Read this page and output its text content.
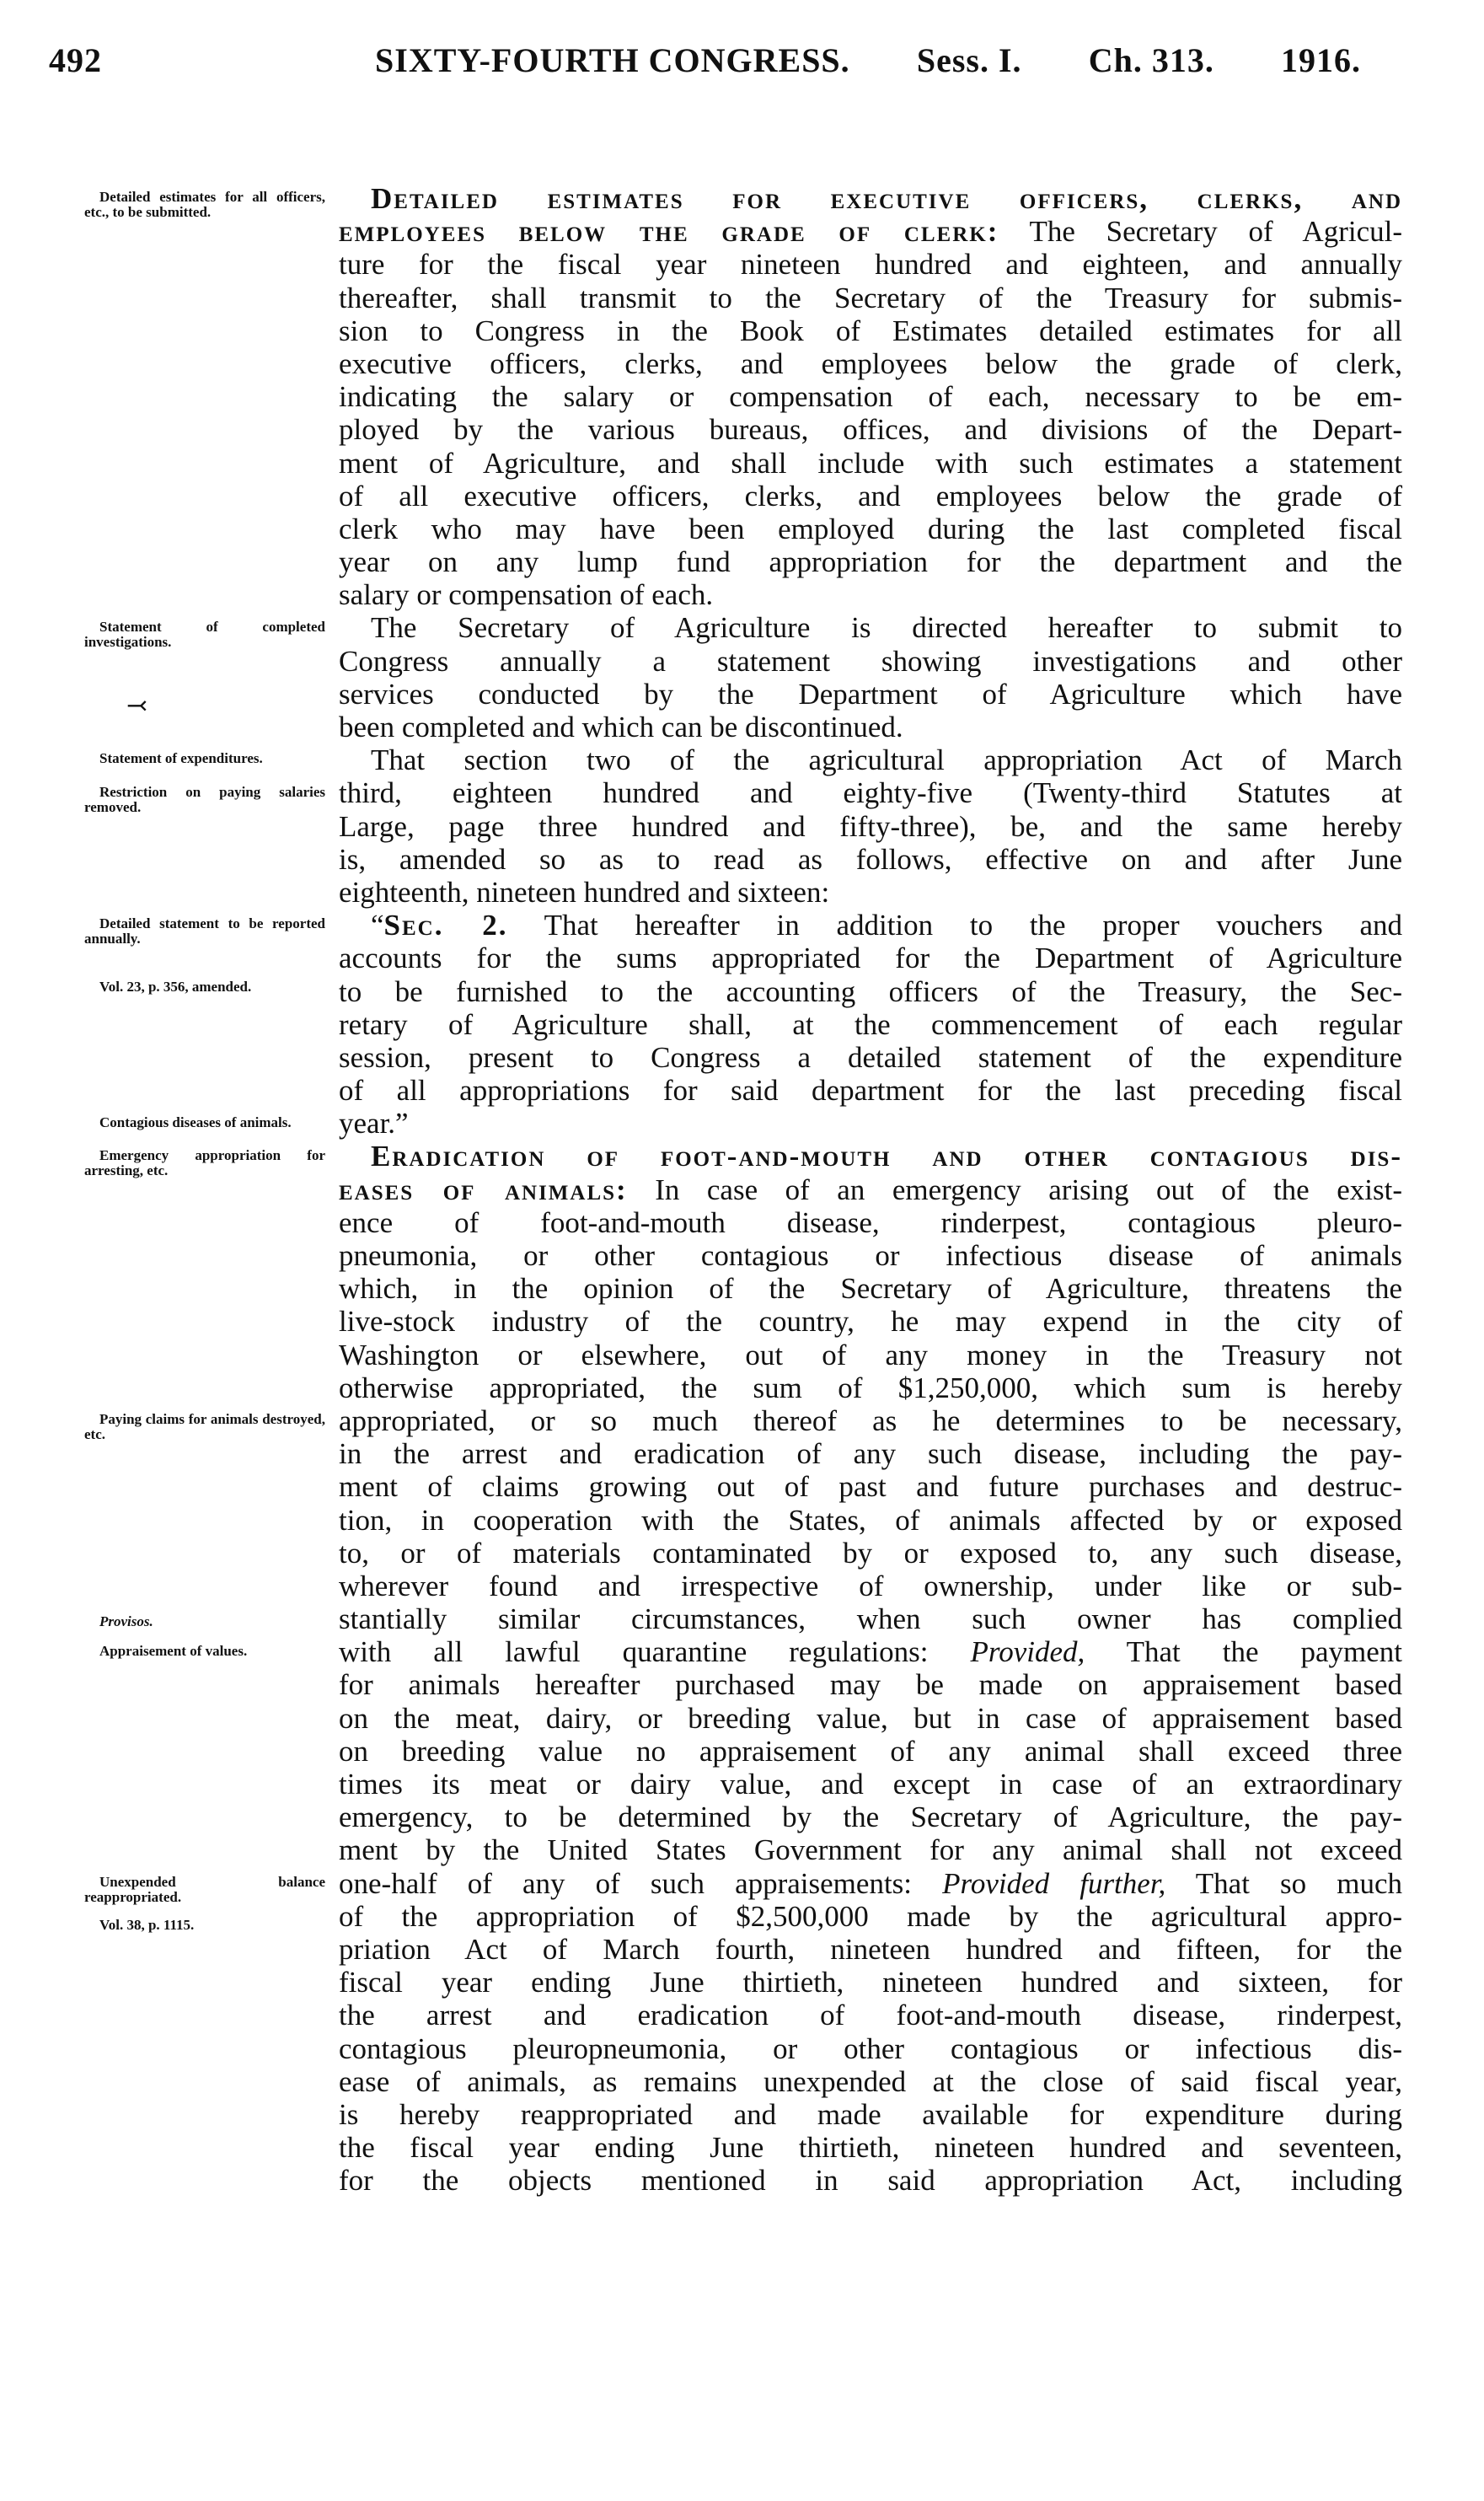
492	SIXTY-FOURTH CONGRESS. Sess. I. Ch. 313. 1916.
Detailed estimates for all officers, etc., to be submitted.
Statement of completed investigations.
Statement of expenditures.
Restriction on paying salaries removed.
Detailed statement to be reported annually.
Vol. 23, p. 356, amended.
Contagious diseases of animals.
Emergency appropriation for arresting, etc.
Paying claims for animals destroyed, etc.
Provisos.
Appraisement of values.
Unexpended balance reappropriated.
Vol. 38, p. 1115.
⤙
Detailed estimates for executive officers, clerks, and
employees below the grade of clerk: The Secretary of Agricul-
ture for the fiscal year nineteen hundred and eighteen, and annually
thereafter, shall transmit to the Secretary of the Treasury for submis-
sion to Congress in the Book of Estimates detailed estimates for all
executive officers, clerks, and employees below the grade of clerk,
indicating the salary or compensation of each, necessary to be em-
ployed by the various bureaus, offices, and divisions of the Depart-
ment of Agriculture, and shall include with such estimates a statement
of all executive officers, clerks, and employees below the grade of
clerk who may have been employed during the last completed fiscal
year on any lump fund appropriation for the department and the
salary or compensation of each.
The Secretary of Agriculture is directed hereafter to submit to
Congress annually a statement showing investigations and other
services conducted by the Department of Agriculture which have
been completed and which can be discontinued.
That section two of the agricultural appropriation Act of March
third, eighteen hundred and eighty-five (Twenty-third Statutes at
Large, page three hundred and fifty-three), be, and the same hereby
is, amended so as to read as follows, effective on and after June
eighteenth, nineteen hundred and sixteen:
“Sec. 2. That hereafter in addition to the proper vouchers and
accounts for the sums appropriated for the Department of Agriculture
to be furnished to the accounting officers of the Treasury, the Sec-
retary of Agriculture shall, at the commencement of each regular
session, present to Congress a detailed statement of the expenditure
of all appropriations for said department for the last preceding fiscal
year.”
Eradication of foot-and-mouth and other contagious dis-
eases of animals: In case of an emergency arising out of the exist-
ence of foot-and-mouth disease, rinderpest, contagious pleuro-
pneumonia, or other contagious or infectious disease of animals
which, in the opinion of the Secretary of Agriculture, threatens the
live-stock industry of the country, he may expend in the city of
Washington or elsewhere, out of any money in the Treasury not
otherwise appropriated, the sum of $1,250,000, which sum is hereby
appropriated, or so much thereof as he determines to be necessary,
in the arrest and eradication of any such disease, including the pay-
ment of claims growing out of past and future purchases and destruc-
tion, in cooperation with the States, of animals affected by or exposed
to, or of materials contaminated by or exposed to, any such disease,
wherever found and irrespective of ownership, under like or sub-
stantially similar circumstances, when such owner has complied
with all lawful quarantine regulations: Provided, That the payment
for animals hereafter purchased may be made on appraisement based
on the meat, dairy, or breeding value, but in case of appraisement based
on breeding value no appraisement of any animal shall exceed three
times its meat or dairy value, and except in case of an extraordinary
emergency, to be determined by the Secretary of Agriculture, the pay-
ment by the United States Government for any animal shall not exceed
one-half of any of such appraisements: Provided further, That so much
of the appropriation of $2,500,000 made by the agricultural appro-
priation Act of March fourth, nineteen hundred and fifteen, for the
fiscal year ending June thirtieth, nineteen hundred and sixteen, for
the arrest and eradication of foot-and-mouth disease, rinderpest,
contagious pleuropneumonia, or other contagious or infectious dis-
ease of animals, as remains unexpended at the close of said fiscal year,
is hereby reappropriated and made available for expenditure during
the fiscal year ending June thirtieth, nineteen hundred and seventeen,
for the objects mentioned in said appropriation Act, including
